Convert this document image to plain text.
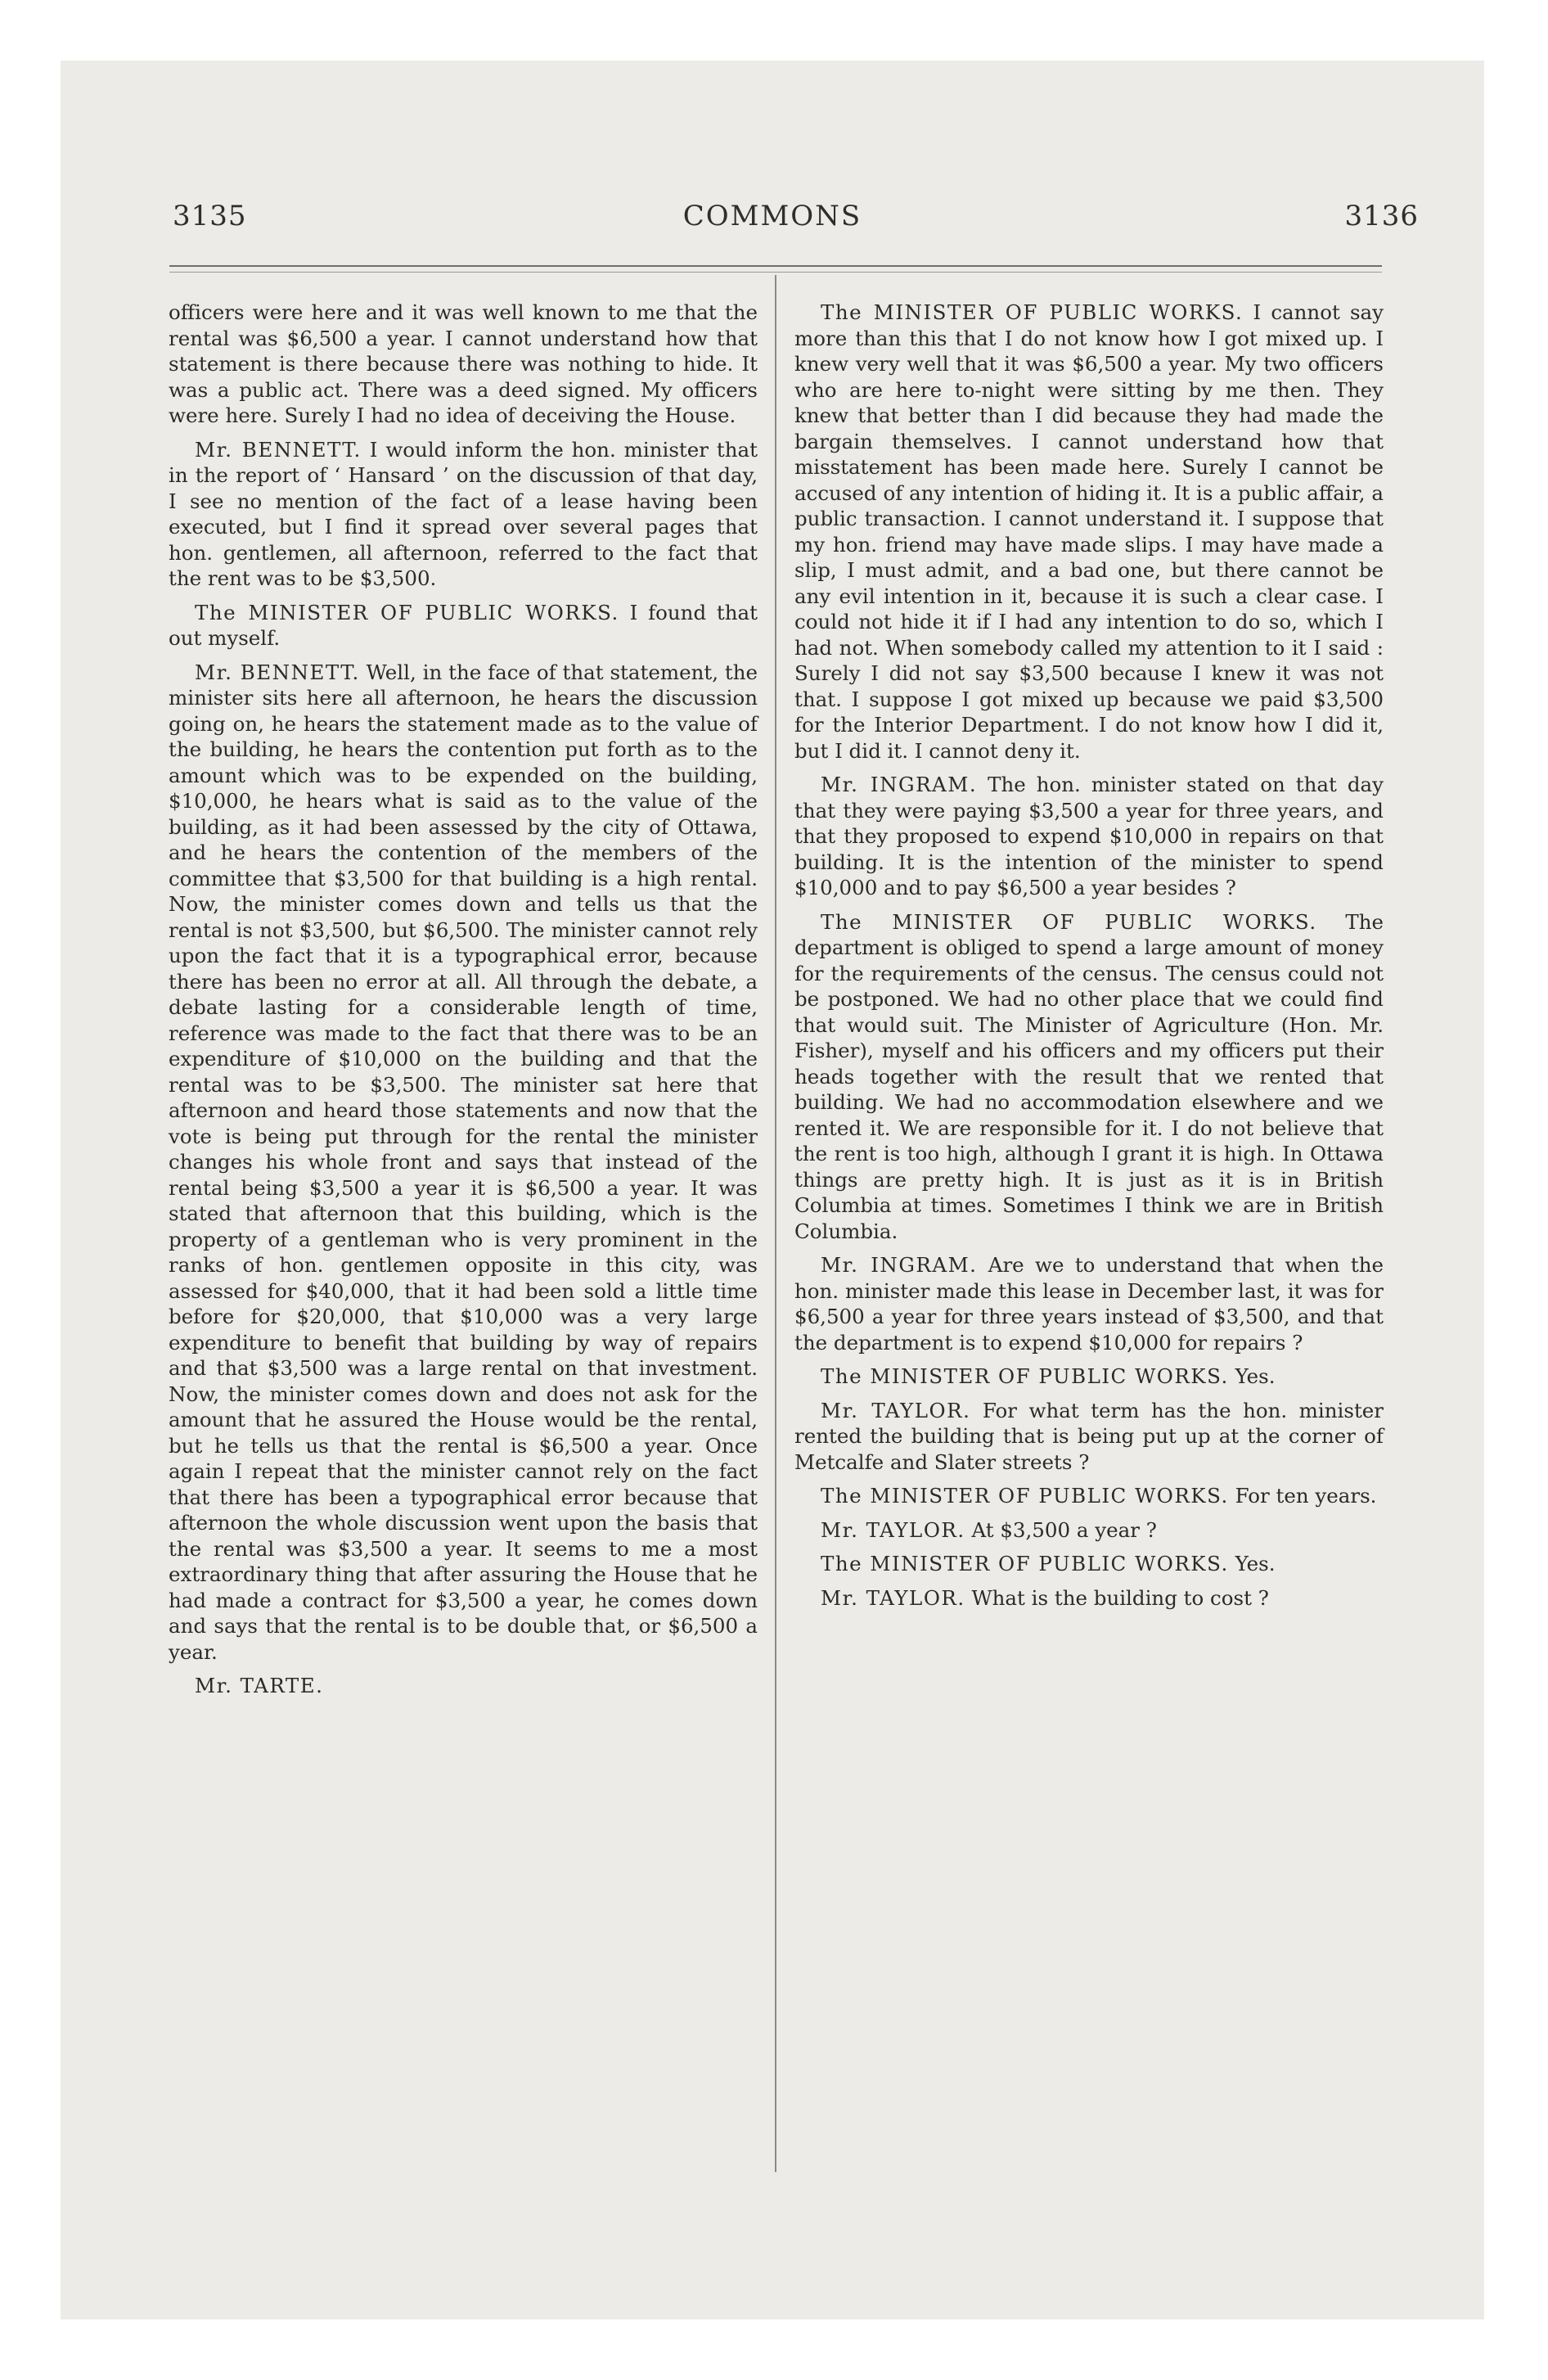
3135	COMMONS	3136

officers were here and it was well known to me that the rental was $6,500 a year. I cannot understand how that statement is there because there was nothing to hide. It was a public act. There was a deed signed. My officers were here. Surely I had no idea of deceiving the House.

Mr. BENNETT. I would inform the hon. minister that in the report of ‘ Hansard ’ on the discussion of that day, I see no mention of the fact of a lease having been executed, but I find it spread over several pages that hon. gentlemen, all afternoon, referred to the fact that the rent was to be $3,500.

The MINISTER OF PUBLIC WORKS. I found that out myself.

Mr. BENNETT. Well, in the face of that statement, the minister sits here all afternoon, he hears the discussion going on, he hears the statement made as to the value of the building, he hears the contention put forth as to the amount which was to be expended on the building, $10,000, he hears what is said as to the value of the building, as it had been assessed by the city of Ottawa, and he hears the contention of the members of the committee that $3,500 for that building is a high rental. Now, the minister comes down and tells us that the rental is not $3,500, but $6,500. The minister cannot rely upon the fact that it is a typographical error, because there has been no error at all. All through the debate, a debate lasting for a considerable length of time, reference was made to the fact that there was to be an expenditure of $10,000 on the building and that the rental was to be $3,500. The minister sat here that afternoon and heard those statements and now that the vote is being put through for the rental the minister changes his whole front and says that instead of the rental being $3,500 a year it is $6,500 a year. It was stated that afternoon that this building, which is the property of a gentleman who is very prominent in the ranks of hon. gentlemen opposite in this city, was assessed for $40,000, that it had been sold a little time before for $20,000, that $10,000 was a very large expenditure to benefit that building by way of repairs and that $3,500 was a large rental on that investment. Now, the minister comes down and does not ask for the amount that he assured the House would be the rental, but he tells us that the rental is $6,500 a year. Once again I repeat that the minister cannot rely on the fact that there has been a typographical error because that afternoon the whole discussion went upon the basis that the rental was $3,500 a year. It seems to me a most extraordinary thing that after assuring the House that he had made a contract for $3,500 a year, he comes down and says that the rental is to be double that, or $6,500 a year.

Mr. TARTE.

The MINISTER OF PUBLIC WORKS. I cannot say more than this that I do not know how I got mixed up. I knew very well that it was $6,500 a year. My two officers who are here to-night were sitting by me then. They knew that better than I did because they had made the bargain themselves. I cannot understand how that misstatement has been made here. Surely I cannot be accused of any intention of hiding it. It is a public affair, a public transaction. I cannot understand it. I suppose that my hon. friend may have made slips. I may have made a slip, I must admit, and a bad one, but there cannot be any evil intention in it, because it is such a clear case. I could not hide it if I had any intention to do so, which I had not. When somebody called my attention to it I said : Surely I did not say $3,500 because I knew it was not that. I suppose I got mixed up because we paid $3,500 for the Interior Department. I do not know how I did it, but I did it. I cannot deny it.

Mr. INGRAM. The hon. minister stated on that day that they were paying $3,500 a year for three years, and that they proposed to expend $10,000 in repairs on that building. It is the intention of the minister to spend $10,000 and to pay $6,500 a year besides ?

The MINISTER OF PUBLIC WORKS. The department is obliged to spend a large amount of money for the requirements of the census. The census could not be postponed. We had no other place that we could find that would suit. The Minister of Agriculture (Hon. Mr. Fisher), myself and his officers and my officers put their heads together with the result that we rented that building. We had no accommodation elsewhere and we rented it. We are responsible for it. I do not believe that the rent is too high, although I grant it is high. In Ottawa things are pretty high. It is just as it is in British Columbia at times. Sometimes I think we are in British Columbia.

Mr. INGRAM. Are we to understand that when the hon. minister made this lease in December last, it was for $6,500 a year for three years instead of $3,500, and that the department is to expend $10,000 for repairs ?

The MINISTER OF PUBLIC WORKS. Yes.

Mr. TAYLOR. For what term has the hon. minister rented the building that is being put up at the corner of Metcalfe and Slater streets ?

The MINISTER OF PUBLIC WORKS. For ten years.

Mr. TAYLOR. At $3,500 a year ?

The MINISTER OF PUBLIC WORKS. Yes.

Mr. TAYLOR. What is the building to cost ?
